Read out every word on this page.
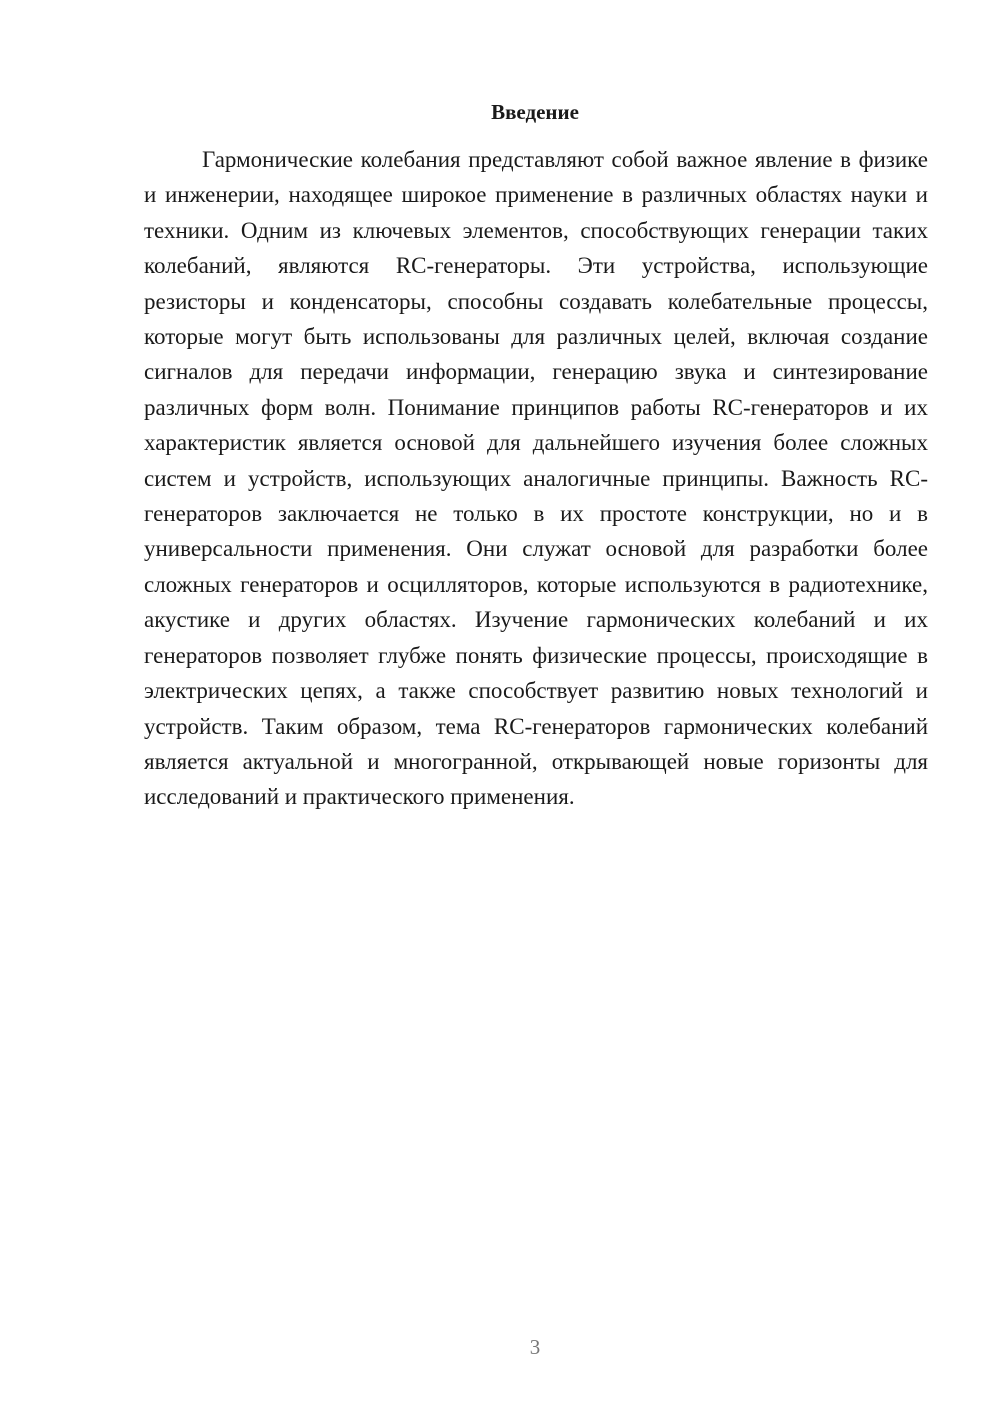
Введение

Гармонические колебания представляют собой важное явление в физике и инженерии, находящее широкое применение в различных областях науки и техники. Одним из ключевых элементов, способствующих генерации таких колебаний, являются RC-генераторы. Эти устройства, использующие резисторы и конденсаторы, способны создавать колебательные процессы, которые могут быть использованы для различных целей, включая создание сигналов для передачи информации, генерацию звука и синтезирование различных форм волн. Понимание принципов работы RC-генераторов и их характеристик является основой для дальнейшего изучения более сложных систем и устройств, использующих аналогичные принципы. Важность RC-генераторов заключается не только в их простоте конструкции, но и в универсальности применения. Они служат основой для разработки более сложных генераторов и осцилляторов, которые используются в радиотехнике, акустике и других областях. Изучение гармонических колебаний и их генераторов позволяет глубже понять физические процессы, происходящие в электрических цепях, а также способствует развитию новых технологий и устройств. Таким образом, тема RC-генераторов гармонических колебаний является актуальной и многогранной, открывающей новые горизонты для исследований и практического применения.

3
